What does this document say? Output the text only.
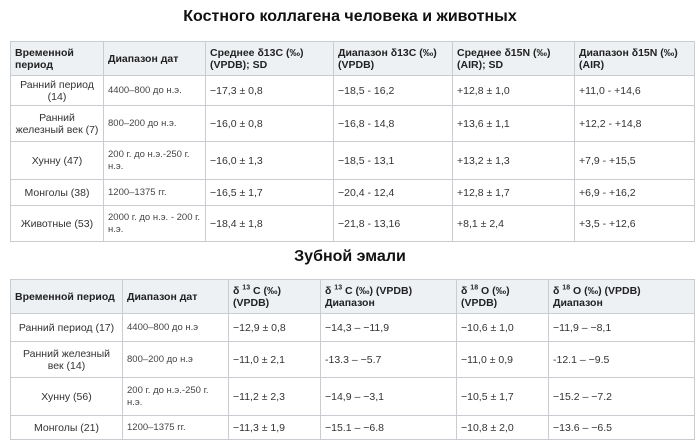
Костного коллагена человека и животных
Временной период	Диапазон дат	Среднее δ13C (‰) (VPDB); SD	Диапазон δ13C (‰) (VPDB)	Среднее δ15N (‰) (AIR); SD	Диапазон δ15N (‰) (AIR)
Ранний период (14)	4400–800 до н.э.	−17,3 ± 0,8	−18,5 - 16,2	+12,8 ± 1,0	+11,0 - +14,6
Ранний железный век (7)	800–200 до н.э.	−16,0 ± 0,8	−16,8 - 14,8	+13,6 ± 1,1	+12,2 - +14,8
Хунну (47)	200 г. до н.э.-250 г. н.э.	−16,0 ± 1,3	−18,5 - 13,1	+13,2 ± 1,3	+7,9 - +15,5
Монголы (38)	1200–1375 гг.	−16,5 ± 1,7	−20,4 - 12,4	+12,8 ± 1,7	+6,9 - +16,2
Животные (53)	2000 г. до н.э. - 200 г. н.э.	−18,4 ± 1,8	−21,8 - 13,16	+8,1 ± 2,4	+3,5 - +12,6
Зубной эмали
Временной период	Диапазон дат	δ $^{13}$ C (‰) (VPDB)	δ $^{13}$ C (‰) (VPDB) Диапазон	δ $^{18}$ O (‰) (VPDB)	δ $^{18}$ O (‰) (VPDB) Диапазон
Ранний период (17)	4400–800 до н.э	−12,9 ± 0,8	−14,3 – −11,9	−10,6 ± 1,0	−11,9 – −8,1
Ранний железный век (14)	800–200 до н.э	−11,0 ± 2,1	-13.3 – −5.7	−11,0 ± 0,9	-12.1 – −9.5
Хунну (56)	200 г. до н.э.-250 г. н.э.	−11,2 ± 2,3	−14,9 – −3,1	−10,5 ± 1,7	−15.2 – −7.2
Монголы (21)	1200–1375 гг.	−11,3 ± 1,9	−15.1 – −6.8	−10,8 ± 2,0	−13.6 – −6.5
